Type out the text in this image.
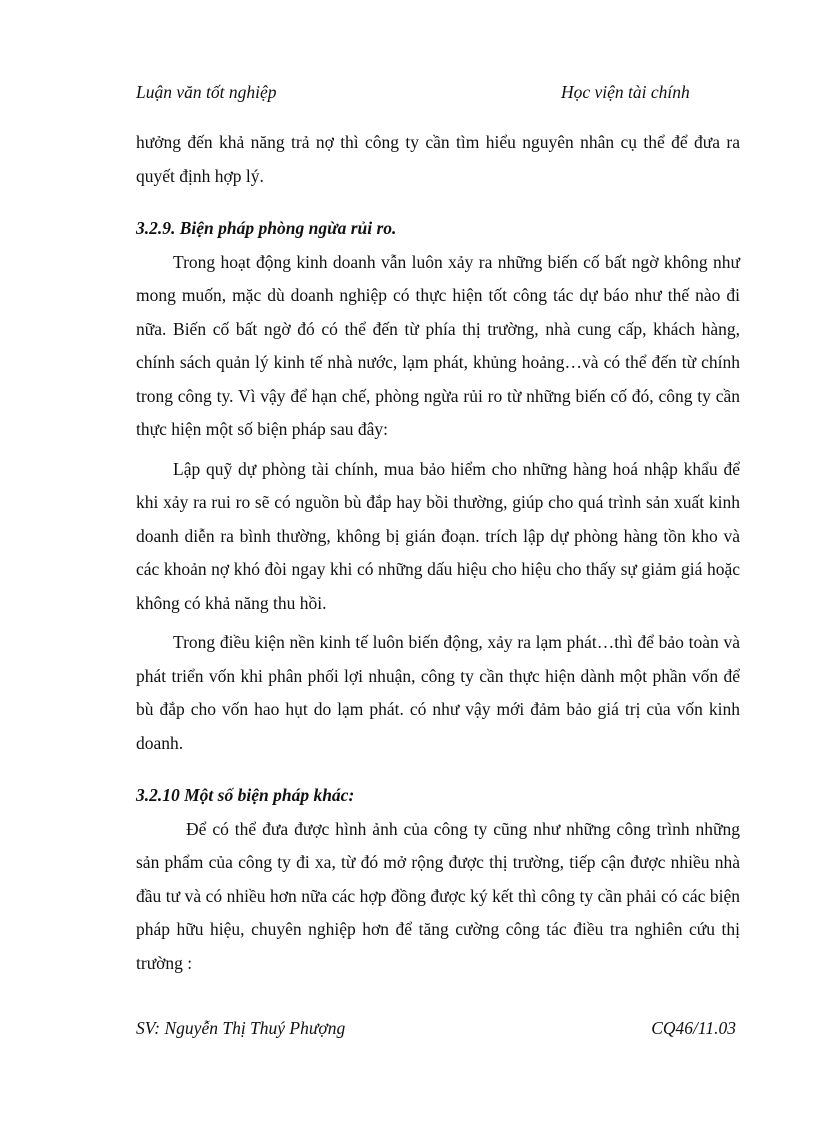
Luận văn tốt nghiệp	Học viện tài chính

hưởng đến khả năng trả nợ thì công ty cần tìm hiểu nguyên nhân cụ thể để đưa ra quyết định hợp lý.

3.2.9. Biện pháp phòng ngừa rủi ro.

Trong hoạt động kinh doanh vẫn luôn xảy ra những biến cố bất ngờ không như mong muốn, mặc dù doanh nghiệp có thực hiện tốt công tác dự báo như thế nào đi nữa. Biến cố bất ngờ đó có thể đến từ phía thị trường, nhà cung cấp, khách hàng, chính sách quản lý kinh tế nhà nước, lạm phát, khủng hoảng…và có thể đến từ chính trong công ty. Vì vậy để hạn chế, phòng ngừa rủi ro từ những biến cố đó, công ty cần thực hiện một số biện pháp sau đây:

Lập quỹ dự phòng tài chính, mua bảo hiểm cho những hàng hoá nhập khẩu để khi xảy ra rui ro sẽ có nguồn bù đắp hay bồi thường, giúp cho quá trình sản xuất kinh doanh diễn ra bình thường, không bị gián đoạn. trích lập dự phòng hàng tồn kho và các khoản nợ khó đòi ngay khi có những dấu hiệu cho hiệu cho thấy sự giảm giá hoặc không có khả năng thu hồi.

Trong điều kiện nền kinh tế luôn biến động, xảy ra lạm phát…thì để bảo toàn và phát triển vốn khi phân phối lợi nhuận, công ty cần thực hiện dành một phần vốn để bù đắp cho vốn hao hụt do lạm phát. có như vậy mới đảm bảo giá trị của vốn kinh doanh.

3.2.10 Một số biện pháp khác:

Để có thể đưa được hình ảnh của công ty cũng như những công trình những sản phẩm của công ty đi xa, từ đó mở rộng được thị trường, tiếp cận được nhiều nhà đầu tư và có nhiều hơn nữa các hợp đồng được ký kết thì công ty cần phải có các biện pháp hữu hiệu, chuyên nghiệp hơn để tăng cường công tác điều tra nghiên cứu thị trường :

SV: Nguyễn Thị Thuý Phượng	CQ46/11.03
